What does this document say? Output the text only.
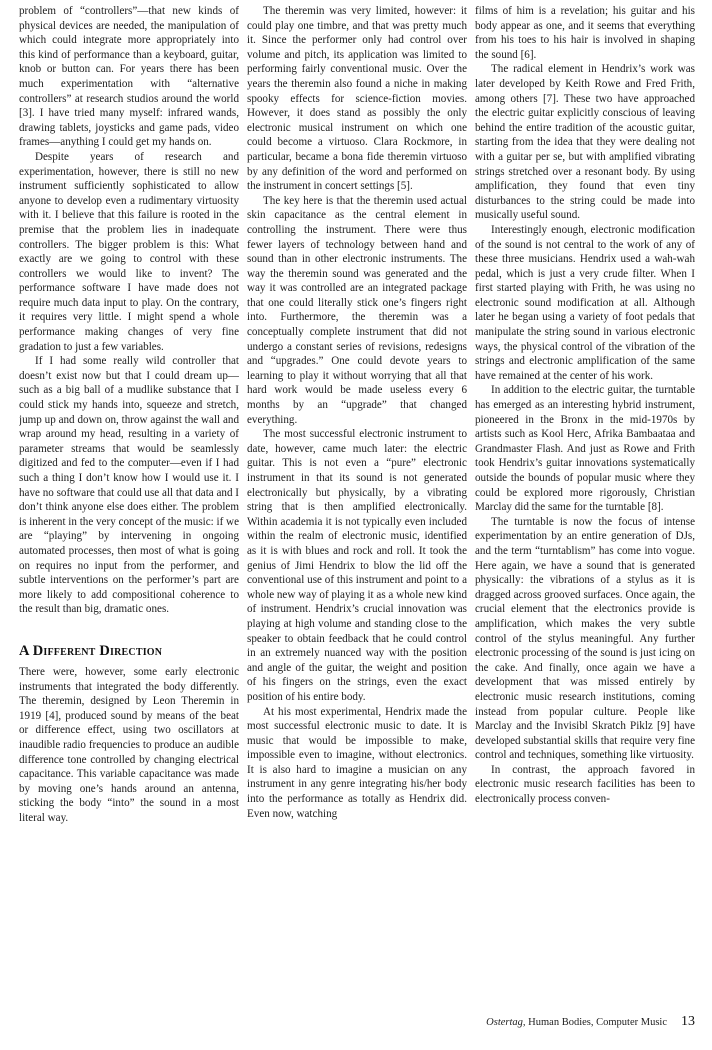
problem of “controllers”—that new kinds of physical devices are needed, the manipulation of which could integrate more appropriately into this kind of performance than a keyboard, guitar, knob or button can. For years there has been much experimentation with “alternative controllers” at research studios around the world [3]. I have tried many myself: infrared wands, drawing tablets, joysticks and game pads, video frames—anything I could get my hands on.

Despite years of research and experimentation, however, there is still no new instrument sufficiently sophisticated to allow anyone to develop even a rudimentary virtuosity with it. I believe that this failure is rooted in the premise that the problem lies in inadequate controllers. The bigger problem is this: What exactly are we going to control with these controllers we would like to invent? The performance software I have made does not require much data input to play. On the contrary, it requires very little. I might spend a whole performance making changes of very fine gradation to just a few variables.

If I had some really wild controller that doesn’t exist now but that I could dream up—such as a big ball of a mudlike substance that I could stick my hands into, squeeze and stretch, jump up and down on, throw against the wall and wrap around my head, resulting in a variety of parameter streams that would be seamlessly digitized and fed to the computer—even if I had such a thing I don’t know how I would use it. I have no software that could use all that data and I don’t think anyone else does either. The problem is inherent in the very concept of the music: if we are “playing” by intervening in ongoing automated processes, then most of what is going on requires no input from the performer, and subtle interventions on the performer’s part are more likely to add compositional coherence to the result than big, dramatic ones.

A Different Direction

There were, however, some early electronic instruments that integrated the body differently. The theremin, designed by Leon Theremin in 1919 [4], produced sound by means of the beat or difference effect, using two oscillators at inaudible radio frequencies to produce an audible difference tone controlled by changing electrical capacitance. This variable capacitance was made by moving one’s hands around an antenna, sticking the body “into” the sound in a most literal way.

The theremin was very limited, however: it could play one timbre, and that was pretty much it. Since the performer only had control over volume and pitch, its application was limited to performing fairly conventional music. Over the years the theremin also found a niche in making spooky effects for science-fiction movies. However, it does stand as possibly the only electronic musical instrument on which one could become a virtuoso. Clara Rockmore, in particular, became a bona fide theremin virtuoso by any definition of the word and performed on the instrument in concert settings [5].

The key here is that the theremin used actual skin capacitance as the central element in controlling the instrument. There were thus fewer layers of technology between hand and sound than in other electronic instruments. The way the theremin sound was generated and the way it was controlled are an integrated package that one could literally stick one’s fingers right into. Furthermore, the theremin was a conceptually complete instrument that did not undergo a constant series of revisions, redesigns and “upgrades.” One could devote years to learning to play it without worrying that all that hard work would be made useless every 6 months by an “upgrade” that changed everything.

The most successful electronic instrument to date, however, came much later: the electric guitar. This is not even a “pure” electronic instrument in that its sound is not generated electronically but physically, by a vibrating string that is then amplified electronically. Within academia it is not typically even included within the realm of electronic music, identified as it is with blues and rock and roll. It took the genius of Jimi Hendrix to blow the lid off the conventional use of this instrument and point to a whole new way of playing it as a whole new kind of instrument. Hendrix’s crucial innovation was playing at high volume and standing close to the speaker to obtain feedback that he could control in an extremely nuanced way with the position and angle of the guitar, the weight and position of his fingers on the strings, even the exact position of his entire body.

At his most experimental, Hendrix made the most successful electronic music to date. It is music that would be impossible to make, impossible even to imagine, without electronics. It is also hard to imagine a musician on any instrument in any genre integrating his/her body into the performance as totally as Hendrix did. Even now, watching

films of him is a revelation; his guitar and his body appear as one, and it seems that everything from his toes to his hair is involved in shaping the sound [6].

The radical element in Hendrix’s work was later developed by Keith Rowe and Fred Frith, among others [7]. These two have approached the electric guitar explicitly conscious of leaving behind the entire tradition of the acoustic guitar, starting from the idea that they were dealing not with a guitar per se, but with amplified vibrating strings stretched over a resonant body. By using amplification, they found that even tiny disturbances to the string could be made into musically useful sound.

Interestingly enough, electronic modification of the sound is not central to the work of any of these three musicians. Hendrix used a wah-wah pedal, which is just a very crude filter. When I first started playing with Frith, he was using no electronic sound modification at all. Although later he began using a variety of foot pedals that manipulate the string sound in various electronic ways, the physical control of the vibration of the strings and electronic amplification of the same have remained at the center of his work.

In addition to the electric guitar, the turntable has emerged as an interesting hybrid instrument, pioneered in the Bronx in the mid-1970s by artists such as Kool Herc, Afrika Bambaataa and Grandmaster Flash. And just as Rowe and Frith took Hendrix’s guitar innovations systematically outside the bounds of popular music where they could be explored more rigorously, Christian Marclay did the same for the turntable [8].

The turntable is now the focus of intense experimentation by an entire generation of DJs, and the term “turntablism” has come into vogue. Here again, we have a sound that is generated physically: the vibrations of a stylus as it is dragged across grooved surfaces. Once again, the crucial element that the electronics provide is amplification, which makes the very subtle control of the stylus meaningful. Any further electronic processing of the sound is just icing on the cake. And finally, once again we have a development that was missed entirely by electronic music research institutions, coming instead from popular culture. People like Marclay and the Invisibl Skratch Piklz [9] have developed substantial skills that require very fine control and techniques, something like virtuosity.

In contrast, the approach favored in electronic music research facilities has been to electronically process conven-

Ostertag, Human Bodies, Computer Music 13
